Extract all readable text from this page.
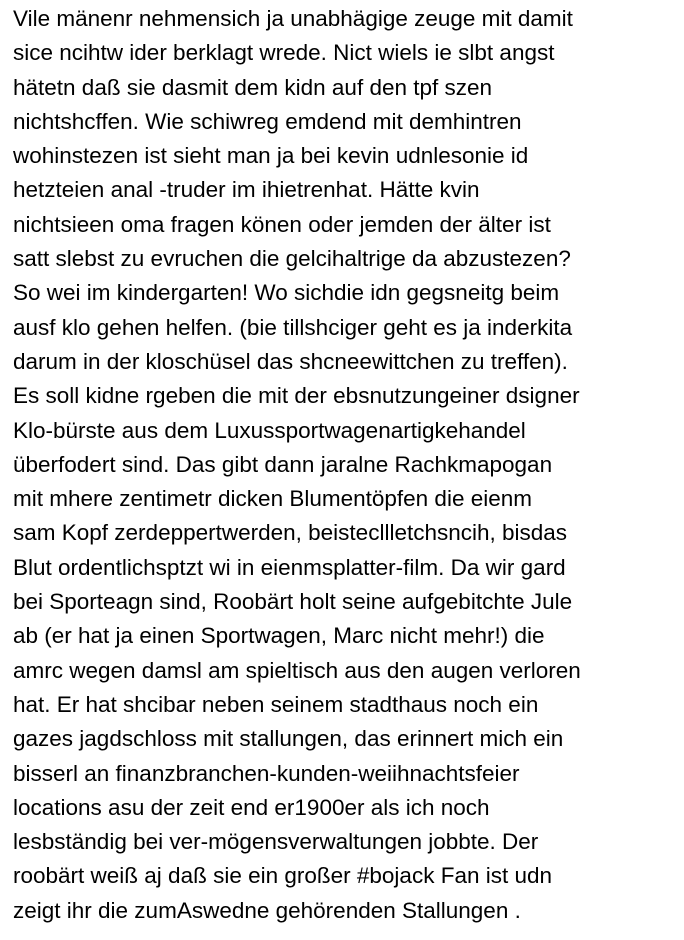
Vile mänenr nehmensich ja unabhägige zeuge mit damit
sice ncihtw ider berklagt wrede. Nict wiels ie slbt angst
hätetn daß sie dasmit dem kidn auf den tpf szen
nichtshcffen. Wie schiwreg emdend mit demhintren
wohinstezen ist sieht man ja bei kevin udnlesonie id
hetzteien anal -truder im ihietrenhat. Hätte kvin
nichtsieen oma fragen könen oder jemden der älter ist
satt slebst zu evruchen die gelcihaltrige da abzustezen?
So wei im kindergarten! Wo sichdie idn gegsneitg beim
ausf klo gehen helfen. (bie tillshciger geht es ja inderkita
darum in der kloschüsel das shcneewittchen zu treffen).
Es soll kidne rgeben die mit der ebsnutzungeiner dsigner
Klo-bürste aus dem Luxussportwagenartigkehandel
überfodert sind. Das gibt dann jaralne Rachkmapogan
mit mhere zentimetr dicken Blumentöpfen die eienm
sam Kopf zerdeppertwerden, beistecllletchsncih, bisdas
Blut ordentlichsptzt wi in eienmsplatter-film. Da wir gard
bei Sporteagn sind, Roobärt holt seine aufgebitchte Jule
ab (er hat ja einen Sportwagen, Marc nicht mehr!) die
amrc wegen damsl am spieltisch aus den augen verloren
hat. Er hat shcibar neben seinem stadthaus noch ein
gazes jagdschloss mit stallungen, das erinnert mich ein
bisserl an finanzbranchen-kunden-weiihnachtsfeier
locations asu der zeit end er1900er als ich noch
lesbständig bei ver-mögensverwaltungen jobbte. Der
roobärt weiß aj daß sie ein großer #bojack Fan ist udn
zeigt ihr die zumAswedne gehörenden Stallungen .
